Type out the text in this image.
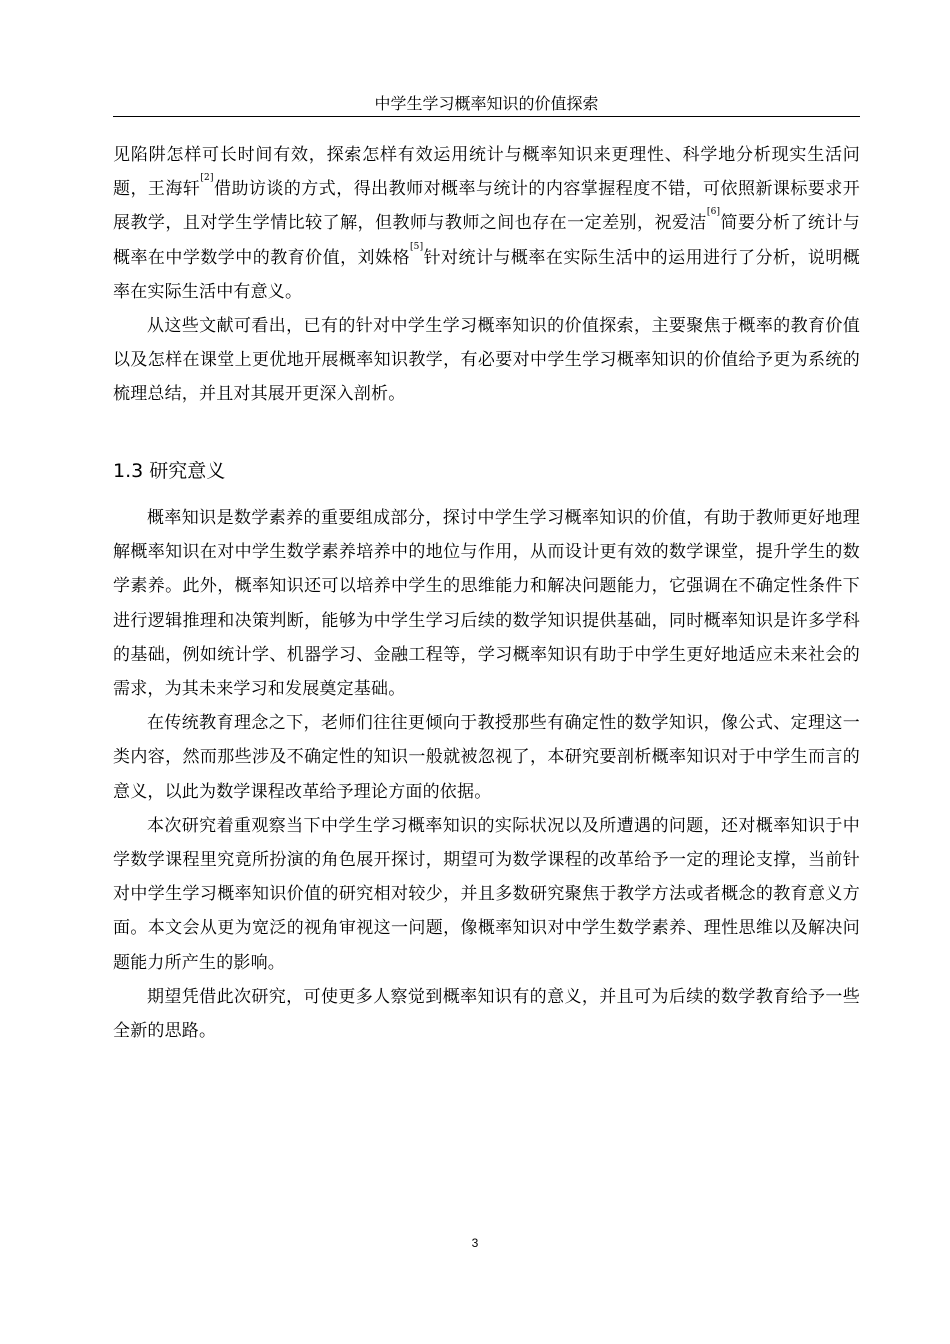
中学生学习概率知识的价值探索

见陷阱怎样可长时间有效，探索怎样有效运用统计与概率知识来更理性、科学地分析现实生活问题，王海轩[2]借助访谈的方式，得出教师对概率与统计的内容掌握程度不错，可依照新课标要求开展教学，且对学生学情比较了解，但教师与教师之间也存在一定差别，祝爱洁[6]简要分析了统计与概率在中学数学中的教育价值，刘姝格[5]针对统计与概率在实际生活中的运用进行了分析，说明概率在实际生活中有意义。

从这些文献可看出，已有的针对中学生学习概率知识的价值探索，主要聚焦于概率的教育价值以及怎样在课堂上更优地开展概率知识教学，有必要对中学生学习概率知识的价值给予更为系统的梳理总结，并且对其展开更深入剖析。

1.3 研究意义

概率知识是数学素养的重要组成部分，探讨中学生学习概率知识的价值，有助于教师更好地理解概率知识在对中学生数学素养培养中的地位与作用，从而设计更有效的数学课堂，提升学生的数学素养。此外，概率知识还可以培养中学生的思维能力和解决问题能力，它强调在不确定性条件下进行逻辑推理和决策判断，能够为中学生学习后续的数学知识提供基础，同时概率知识是许多学科的基础，例如统计学、机器学习、金融工程等，学习概率知识有助于中学生更好地适应未来社会的需求，为其未来学习和发展奠定基础。

在传统教育理念之下，老师们往往更倾向于教授那些有确定性的数学知识，像公式、定理这一类内容，然而那些涉及不确定性的知识一般就被忽视了，本研究要剖析概率知识对于中学生而言的意义，以此为数学课程改革给予理论方面的依据。

本次研究着重观察当下中学生学习概率知识的实际状况以及所遭遇的问题，还对概率知识于中学数学课程里究竟所扮演的角色展开探讨，期望可为数学课程的改革给予一定的理论支撑，当前针对中学生学习概率知识价值的研究相对较少，并且多数研究聚焦于教学方法或者概念的教育意义方面。本文会从更为宽泛的视角审视这一问题，像概率知识对中学生数学素养、理性思维以及解决问题能力所产生的影响。

期望凭借此次研究，可使更多人察觉到概率知识有的意义，并且可为后续的数学教育给予一些全新的思路。

3
